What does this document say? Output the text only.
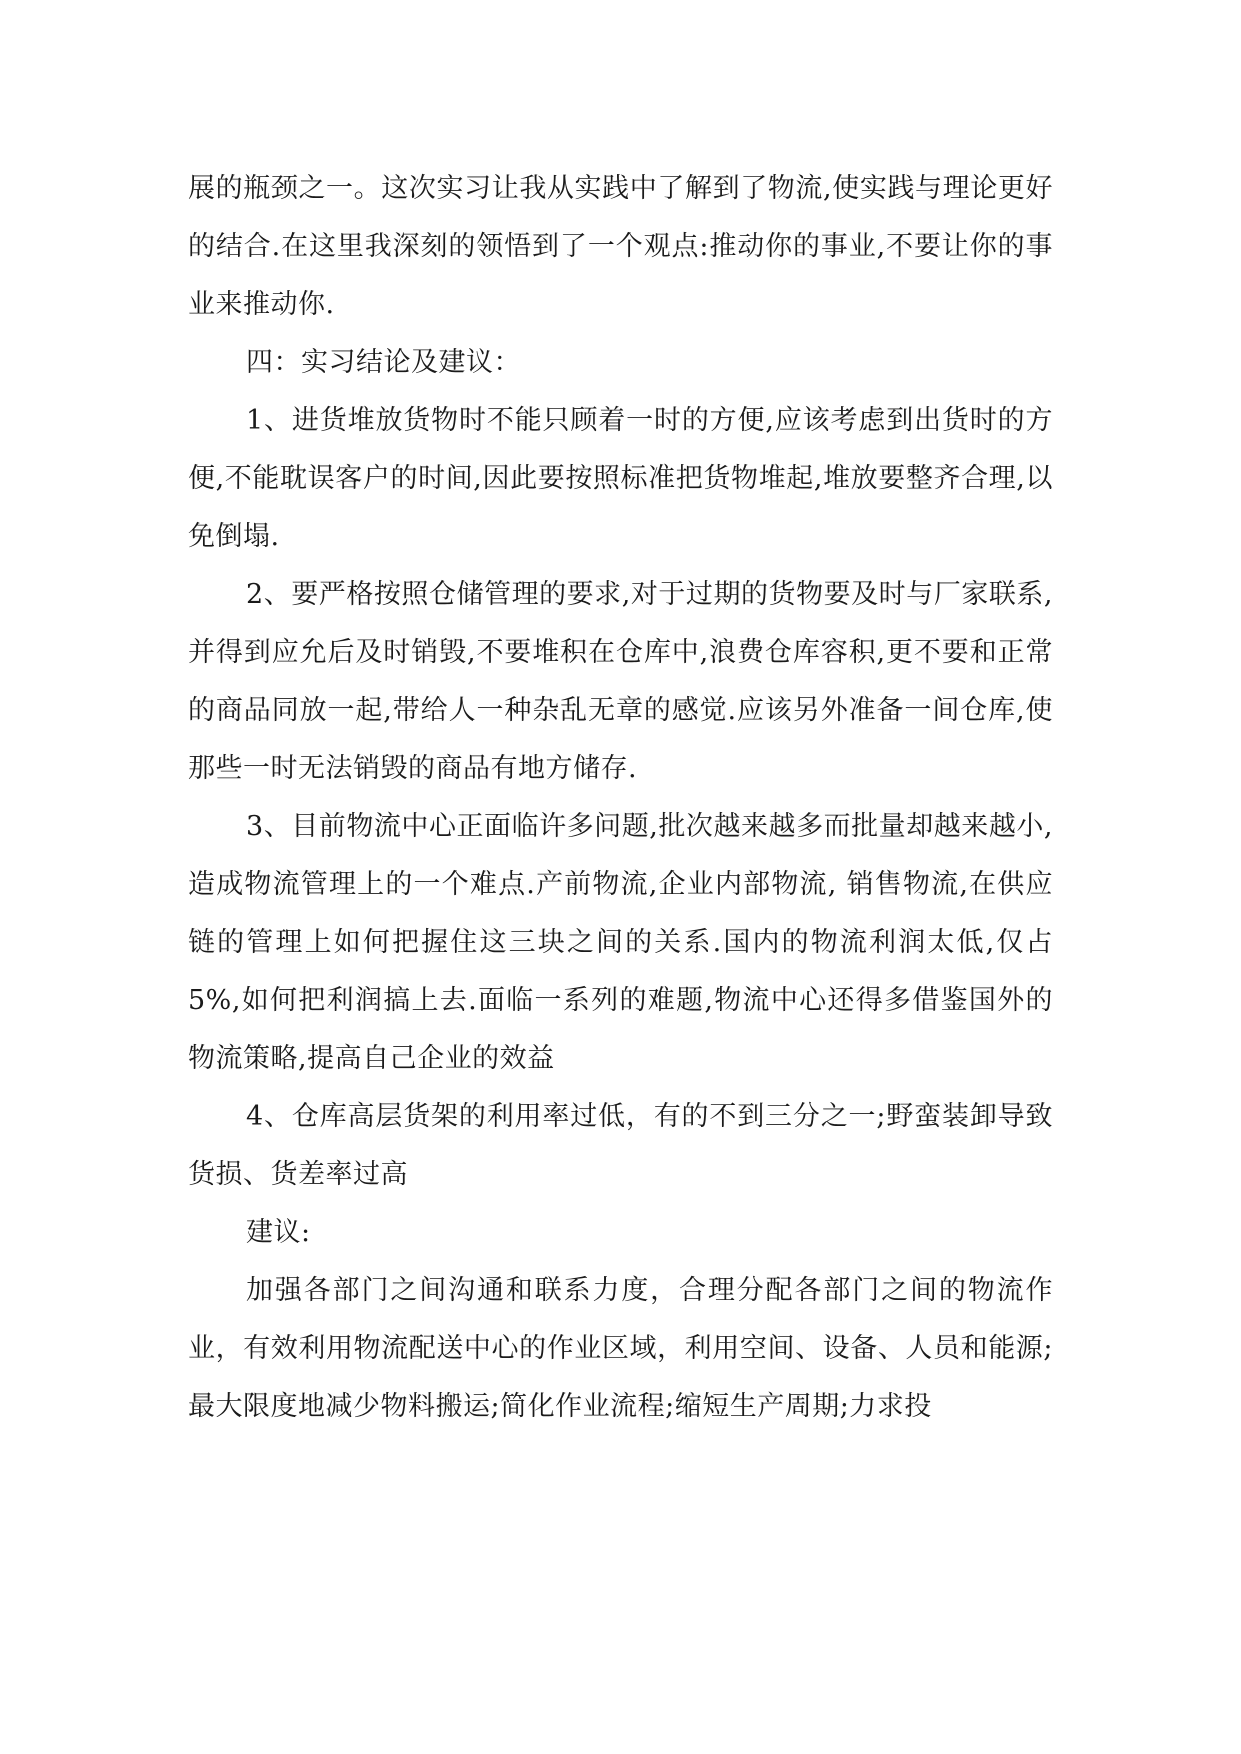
展的瓶颈之一。这次实习让我从实践中了解到了物流,使实践与理论更好的结合.在这里我深刻的领悟到了一个观点:推动你的事业,不要让你的事业来推动你.

四：实习结论及建议：

1、进货堆放货物时不能只顾着一时的方便,应该考虑到出货时的方便,不能耽误客户的时间,因此要按照标准把货物堆起,堆放要整齐合理,以免倒塌.

2、要严格按照仓储管理的要求,对于过期的货物要及时与厂家联系,并得到应允后及时销毁,不要堆积在仓库中,浪费仓库容积,更不要和正常的商品同放一起,带给人一种杂乱无章的感觉.应该另外准备一间仓库,使那些一时无法销毁的商品有地方储存.

3、目前物流中心正面临许多问题,批次越来越多而批量却越来越小,造成物流管理上的一个难点.产前物流,企业内部物流, 销售物流,在供应链的管理上如何把握住这三块之间的关系.国内的物流利润太低,仅占5%,如何把利润搞上去.面临一系列的难题,物流中心还得多借鉴国外的物流策略,提高自己企业的效益

4、仓库高层货架的利用率过低，有的不到三分之一;野蛮装卸导致货损、货差率过高

建议:

加强各部门之间沟通和联系力度，合理分配各部门之间的物流作业，有效利用物流配送中心的作业区域，利用空间、设备、人员和能源;最大限度地减少物料搬运;简化作业流程;缩短生产周期;力求投
